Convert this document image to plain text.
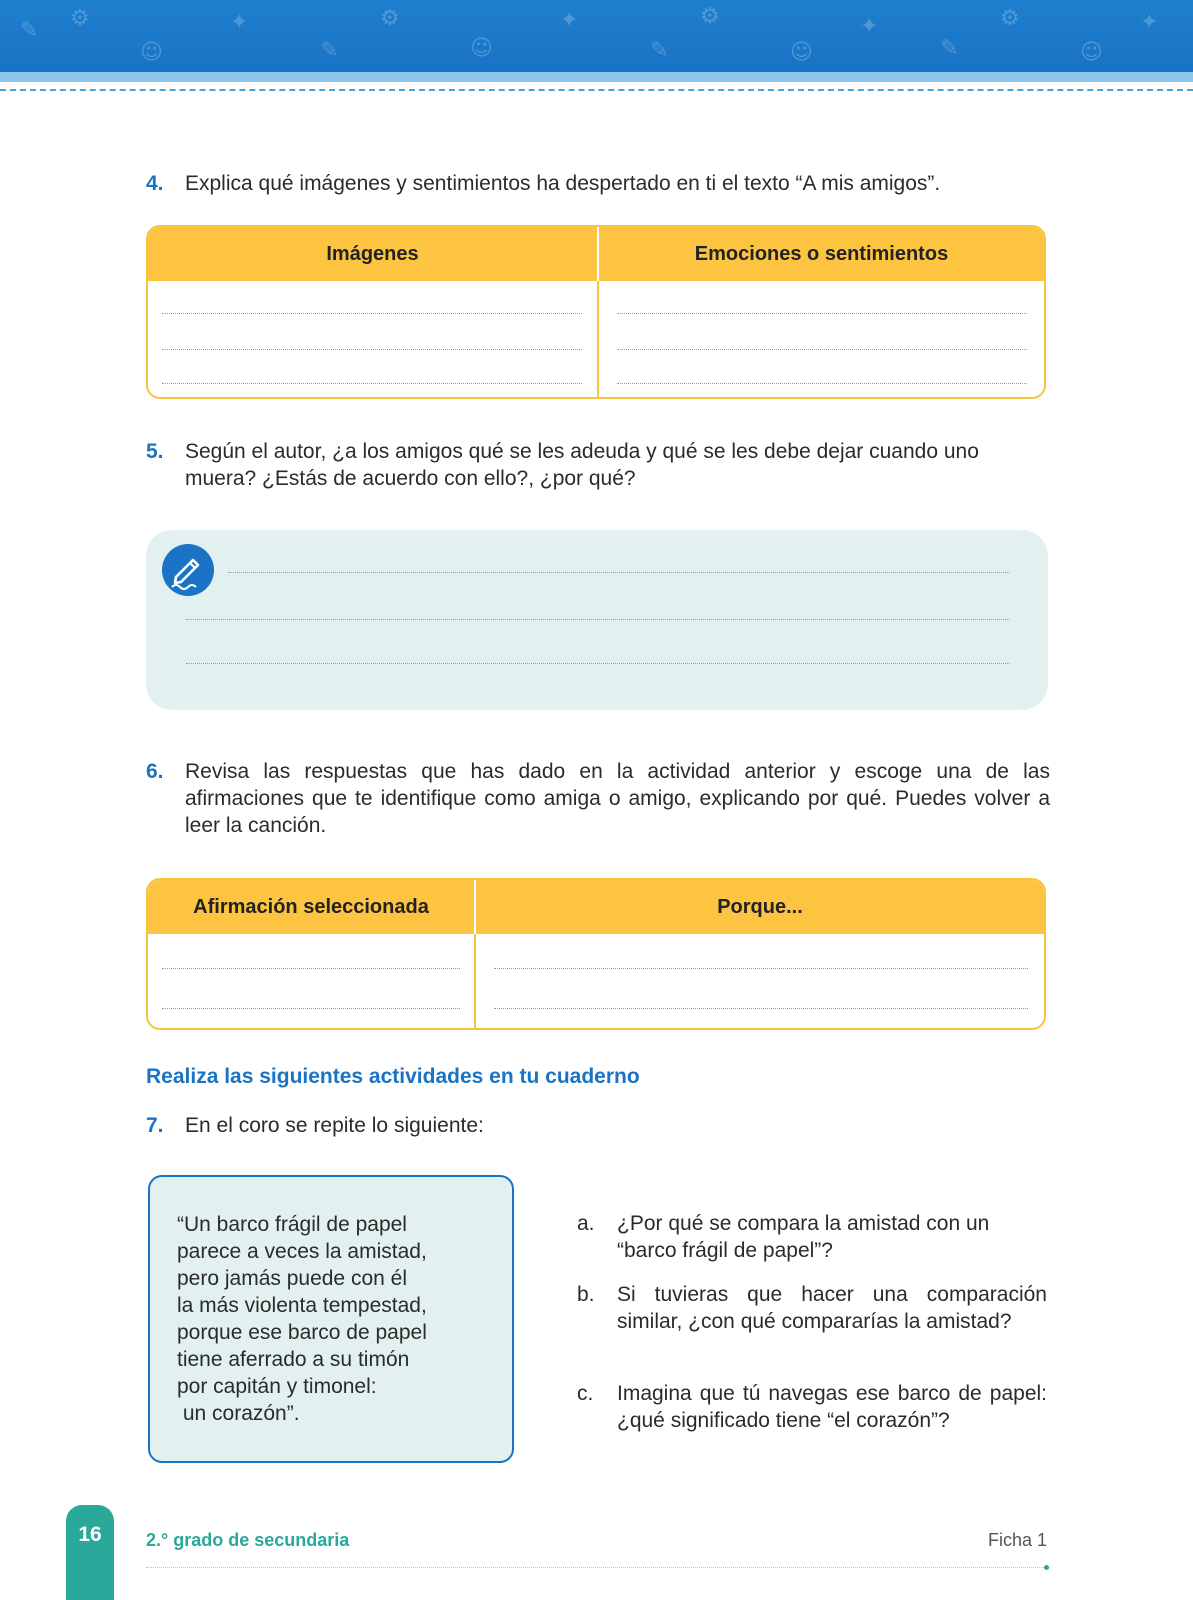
✎ ⚙
☺
✦
✎
⚙
☺
✦
✎
⚙
☺
✦
✎
⚙
☺
✦
4. Explica qué imágenes y sentimientos ha despertado en ti el texto “A mis amigos”.
Imágenes	Emociones o sentimientos
5. Según el autor, ¿a los amigos qué se les adeuda y qué se les debe dejar cuando uno muera? ¿Estás de acuerdo con ello?, ¿por qué?
6. Revisa las respuestas que has dado en la actividad anterior y escoge una de las afirmaciones que te identifique como amiga o amigo, explicando por qué. Puedes volver a leer la canción.
Afirmación seleccionada	Porque...
Realiza las siguientes actividades en tu cuaderno
7. En el coro se repite lo siguiente:
“Un barco frágil de papel
parece a veces la amistad,
pero jamás puede con él
la más violenta tempestad,
porque ese barco de papel
tiene aferrado a su timón
por capitán y timonel:
un corazón”.
a. ¿Por qué se compara la amistad con un “barco frágil de papel”?
b. Si tuvieras que hacer una comparación similar, ¿con qué compararías la amistad?
c. Imagina que tú navegas ese barco de papel: ¿qué significado tiene “el corazón”?
16	2.° grado de secundaria	Ficha 1
